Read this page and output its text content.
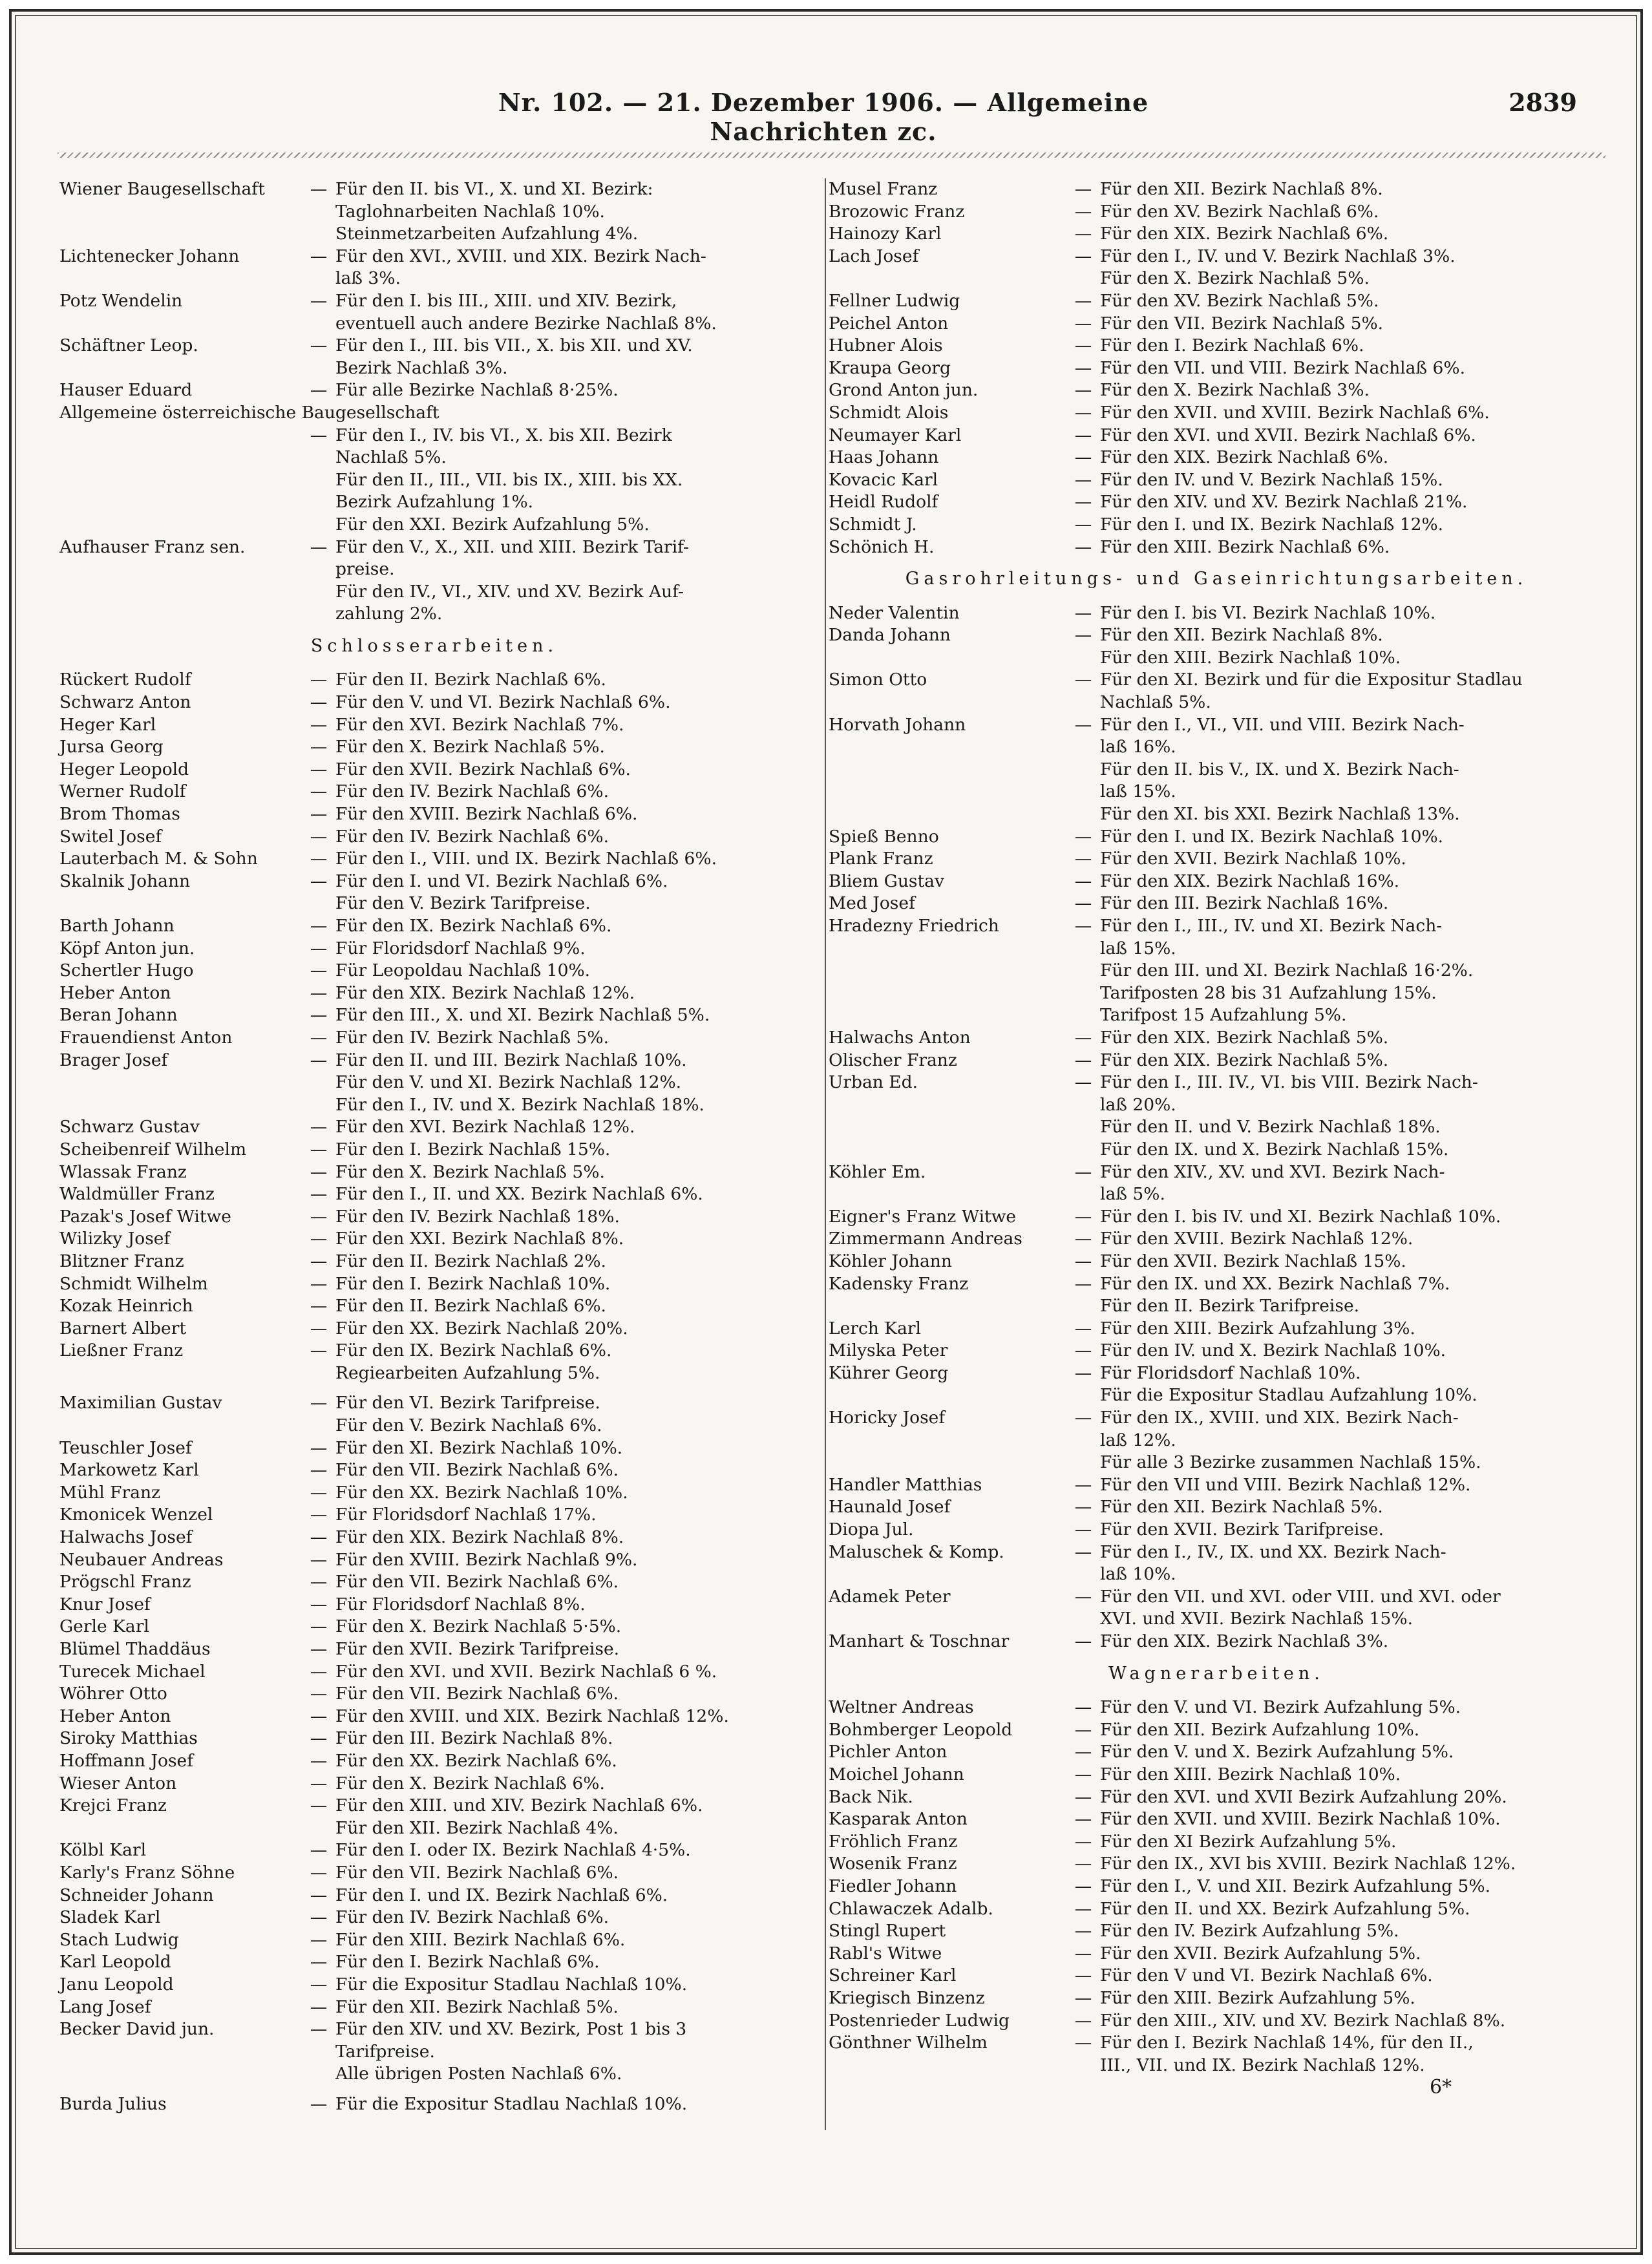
Nr. 102. — 21. Dezember 1906. — Allgemeine Nachrichten zc.
2839
Wiener Baugesellschaft	— Für den II. bis VI., X. und XI. Bezirk:
Taglohnarbeiten Nachlaß 10%.
Steinmetzarbeiten Aufzahlung 4%.
Lichtenecker Johann	— Für den XVI., XVIII. und XIX. Bezirk Nach-
laß 3%.
Potz Wendelin	— Für den I. bis III., XIII. und XIV. Bezirk,
eventuell auch andere Bezirke Nachlaß 8%.
Schäftner Leop.	— Für den I., III. bis VII., X. bis XII. und XV.
Bezirk Nachlaß 3%.
Hauser Eduard	— Für alle Bezirke Nachlaß 8·25%.
Allgemeine österreichische Baugesellschaft
— Für den I., IV. bis VI., X. bis XII. Bezirk
Nachlaß 5%.
Für den II., III., VII. bis IX., XIII. bis XX.
Bezirk Aufzahlung 1%.
Für den XXI. Bezirk Aufzahlung 5%.
Aufhauser Franz sen.	— Für den V., X., XII. und XIII. Bezirk Tarif-
preise.
Für den IV., VI., XIV. und XV. Bezirk Auf-
zahlung 2%.
Schlosserarbeiten.
Rückert Rudolf	— Für den II. Bezirk Nachlaß 6%.
Schwarz Anton	— Für den V. und VI. Bezirk Nachlaß 6%.
Heger Karl	— Für den XVI. Bezirk Nachlaß 7%.
Jursa Georg	— Für den X. Bezirk Nachlaß 5%.
Heger Leopold	— Für den XVII. Bezirk Nachlaß 6%.
Werner Rudolf	— Für den IV. Bezirk Nachlaß 6%.
Brom Thomas	— Für den XVIII. Bezirk Nachlaß 6%.
Switel Josef	— Für den IV. Bezirk Nachlaß 6%.
Lauterbach M. & Sohn	— Für den I., VIII. und IX. Bezirk Nachlaß 6%.
Skalnik Johann	— Für den I. und VI. Bezirk Nachlaß 6%.
Für den V. Bezirk Tarifpreise.
Barth Johann	— Für den IX. Bezirk Nachlaß 6%.
Köpf Anton jun.	— Für Floridsdorf Nachlaß 9%.
Schertler Hugo	— Für Leopoldau Nachlaß 10%.
Heber Anton	— Für den XIX. Bezirk Nachlaß 12%.
Beran Johann	— Für den III., X. und XI. Bezirk Nachlaß 5%.
Frauendienst Anton	— Für den IV. Bezirk Nachlaß 5%.
Brager Josef	— Für den II. und III. Bezirk Nachlaß 10%.
Für den V. und XI. Bezirk Nachlaß 12%.
Für den I., IV. und X. Bezirk Nachlaß 18%.
Schwarz Gustav	— Für den XVI. Bezirk Nachlaß 12%.
Scheibenreif Wilhelm	— Für den I. Bezirk Nachlaß 15%.
Wlassak Franz	— Für den X. Bezirk Nachlaß 5%.
Waldmüller Franz	— Für den I., II. und XX. Bezirk Nachlaß 6%.
Pazak's Josef Witwe	— Für den IV. Bezirk Nachlaß 18%.
Wilizky Josef	— Für den XXI. Bezirk Nachlaß 8%.
Blitzner Franz	— Für den II. Bezirk Nachlaß 2%.
Schmidt Wilhelm	— Für den I. Bezirk Nachlaß 10%.
Kozak Heinrich	— Für den II. Bezirk Nachlaß 6%.
Barnert Albert	— Für den XX. Bezirk Nachlaß 20%.
Ließner Franz	— Für den IX. Bezirk Nachlaß 6%.
Regiearbeiten Aufzahlung 5%.
Maximilian Gustav	— Für den VI. Bezirk Tarifpreise.
Für den V. Bezirk Nachlaß 6%.
Teuschler Josef	— Für den XI. Bezirk Nachlaß 10%.
Markowetz Karl	— Für den VII. Bezirk Nachlaß 6%.
Mühl Franz	— Für den XX. Bezirk Nachlaß 10%.
Kmonicek Wenzel	— Für Floridsdorf Nachlaß 17%.
Halwachs Josef	— Für den XIX. Bezirk Nachlaß 8%.
Neubauer Andreas	— Für den XVIII. Bezirk Nachlaß 9%.
Prögschl Franz	— Für den VII. Bezirk Nachlaß 6%.
Knur Josef	— Für Floridsdorf Nachlaß 8%.
Gerle Karl	— Für den X. Bezirk Nachlaß 5·5%.
Blümel Thaddäus	— Für den XVII. Bezirk Tarifpreise.
Turecek Michael	— Für den XVI. und XVII. Bezirk Nachlaß 6 %.
Wöhrer Otto	— Für den VII. Bezirk Nachlaß 6%.
Heber Anton	— Für den XVIII. und XIX. Bezirk Nachlaß 12%.
Siroky Matthias	— Für den III. Bezirk Nachlaß 8%.
Hoffmann Josef	— Für den XX. Bezirk Nachlaß 6%.
Wieser Anton	— Für den X. Bezirk Nachlaß 6%.
Krejci Franz	— Für den XIII. und XIV. Bezirk Nachlaß 6%.
Für den XII. Bezirk Nachlaß 4%.
Kölbl Karl	— Für den I. oder IX. Bezirk Nachlaß 4·5%.
Karly's Franz Söhne	— Für den VII. Bezirk Nachlaß 6%.
Schneider Johann	— Für den I. und IX. Bezirk Nachlaß 6%.
Sladek Karl	— Für den IV. Bezirk Nachlaß 6%.
Stach Ludwig	— Für den XIII. Bezirk Nachlaß 6%.
Karl Leopold	— Für den I. Bezirk Nachlaß 6%.
Janu Leopold	— Für die Expositur Stadlau Nachlaß 10%.
Lang Josef	— Für den XII. Bezirk Nachlaß 5%.
Becker David jun.	— Für den XIV. und XV. Bezirk, Post 1 bis 3
Tarifpreise.
Alle übrigen Posten Nachlaß 6%.
Burda Julius	— Für die Expositur Stadlau Nachlaß 10%.
Musel Franz	— Für den XII. Bezirk Nachlaß 8%.
Brozowic Franz	— Für den XV. Bezirk Nachlaß 6%.
Hainozy Karl	— Für den XIX. Bezirk Nachlaß 6%.
Lach Josef	— Für den I., IV. und V. Bezirk Nachlaß 3%.
Für den X. Bezirk Nachlaß 5%.
Fellner Ludwig	— Für den XV. Bezirk Nachlaß 5%.
Peichel Anton	— Für den VII. Bezirk Nachlaß 5%.
Hubner Alois	— Für den I. Bezirk Nachlaß 6%.
Kraupa Georg	— Für den VII. und VIII. Bezirk Nachlaß 6%.
Grond Anton jun.	— Für den X. Bezirk Nachlaß 3%.
Schmidt Alois	— Für den XVII. und XVIII. Bezirk Nachlaß 6%.
Neumayer Karl	— Für den XVI. und XVII. Bezirk Nachlaß 6%.
Haas Johann	— Für den XIX. Bezirk Nachlaß 6%.
Kovacic Karl	— Für den IV. und V. Bezirk Nachlaß 15%.
Heidl Rudolf	— Für den XIV. und XV. Bezirk Nachlaß 21%.
Schmidt J.	— Für den I. und IX. Bezirk Nachlaß 12%.
Schönich H.	— Für den XIII. Bezirk Nachlaß 6%.
Gasrohrleitungs- und Gaseinrichtungsarbeiten.
Neder Valentin	— Für den I. bis VI. Bezirk Nachlaß 10%.
Danda Johann	— Für den XII. Bezirk Nachlaß 8%.
Für den XIII. Bezirk Nachlaß 10%.
Simon Otto	— Für den XI. Bezirk und für die Expositur Stadlau
Nachlaß 5%.
Horvath Johann	— Für den I., VI., VII. und VIII. Bezirk Nach-
laß 16%.
Für den II. bis V., IX. und X. Bezirk Nach-
laß 15%.
Für den XI. bis XXI. Bezirk Nachlaß 13%.
Spieß Benno	— Für den I. und IX. Bezirk Nachlaß 10%.
Plank Franz	— Für den XVII. Bezirk Nachlaß 10%.
Bliem Gustav	— Für den XIX. Bezirk Nachlaß 16%.
Med Josef	— Für den III. Bezirk Nachlaß 16%.
Hradezny Friedrich	— Für den I., III., IV. und XI. Bezirk Nach-
laß 15%.
Für den III. und XI. Bezirk Nachlaß 16·2%.
Tarifposten 28 bis 31 Aufzahlung 15%.
Tarifpost 15 Aufzahlung 5%.
Halwachs Anton	— Für den XIX. Bezirk Nachlaß 5%.
Olischer Franz	— Für den XIX. Bezirk Nachlaß 5%.
Urban Ed.	— Für den I., III. IV., VI. bis VIII. Bezirk Nach-
laß 20%.
Für den II. und V. Bezirk Nachlaß 18%.
Für den IX. und X. Bezirk Nachlaß 15%.
Köhler Em.	— Für den XIV., XV. und XVI. Bezirk Nach-
laß 5%.
Eigner's Franz Witwe	— Für den I. bis IV. und XI. Bezirk Nachlaß 10%.
Zimmermann Andreas	— Für den XVIII. Bezirk Nachlaß 12%.
Köhler Johann	— Für den XVII. Bezirk Nachlaß 15%.
Kadensky Franz	— Für den IX. und XX. Bezirk Nachlaß 7%.
Für den II. Bezirk Tarifpreise.
Lerch Karl	— Für den XIII. Bezirk Aufzahlung 3%.
Milyska Peter	— Für den IV. und X. Bezirk Nachlaß 10%.
Kührer Georg	— Für Floridsdorf Nachlaß 10%.
Für die Expositur Stadlau Aufzahlung 10%.
Horicky Josef	— Für den IX., XVIII. und XIX. Bezirk Nach-
laß 12%.
Für alle 3 Bezirke zusammen Nachlaß 15%.
Handler Matthias	— Für den VII und VIII. Bezirk Nachlaß 12%.
Haunald Josef	— Für den XII. Bezirk Nachlaß 5%.
Diopa Jul.	— Für den XVII. Bezirk Tarifpreise.
Maluschek & Komp.	— Für den I., IV., IX. und XX. Bezirk Nach-
laß 10%.
Adamek Peter	— Für den VII. und XVI. oder VIII. und XVI. oder
XVI. und XVII. Bezirk Nachlaß 15%.
Manhart & Toschnar	— Für den XIX. Bezirk Nachlaß 3%.
Wagnerarbeiten.
Weltner Andreas	— Für den V. und VI. Bezirk Aufzahlung 5%.
Bohmberger Leopold	— Für den XII. Bezirk Aufzahlung 10%.
Pichler Anton	— Für den V. und X. Bezirk Aufzahlung 5%.
Moichel Johann	— Für den XIII. Bezirk Nachlaß 10%.
Back Nik.	— Für den XVI. und XVII Bezirk Aufzahlung 20%.
Kasparak Anton	— Für den XVII. und XVIII. Bezirk Nachlaß 10%.
Fröhlich Franz	— Für den XI Bezirk Aufzahlung 5%.
Wosenik Franz	— Für den IX., XVI bis XVIII. Bezirk Nachlaß 12%.
Fiedler Johann	— Für den I., V. und XII. Bezirk Aufzahlung 5%.
Chlawaczek Adalb.	— Für den II. und XX. Bezirk Aufzahlung 5%.
Stingl Rupert	— Für den IV. Bezirk Aufzahlung 5%.
Rabl's Witwe	— Für den XVII. Bezirk Aufzahlung 5%.
Schreiner Karl	— Für den V und VI. Bezirk Nachlaß 6%.
Kriegisch Binzenz	— Für den XIII. Bezirk Aufzahlung 5%.
Postenrieder Ludwig	— Für den XIII., XIV. und XV. Bezirk Nachlaß 8%.
Gönthner Wilhelm	— Für den I. Bezirk Nachlaß 14%, für den II.,
III., VII. und IX. Bezirk Nachlaß 12%.
6*
